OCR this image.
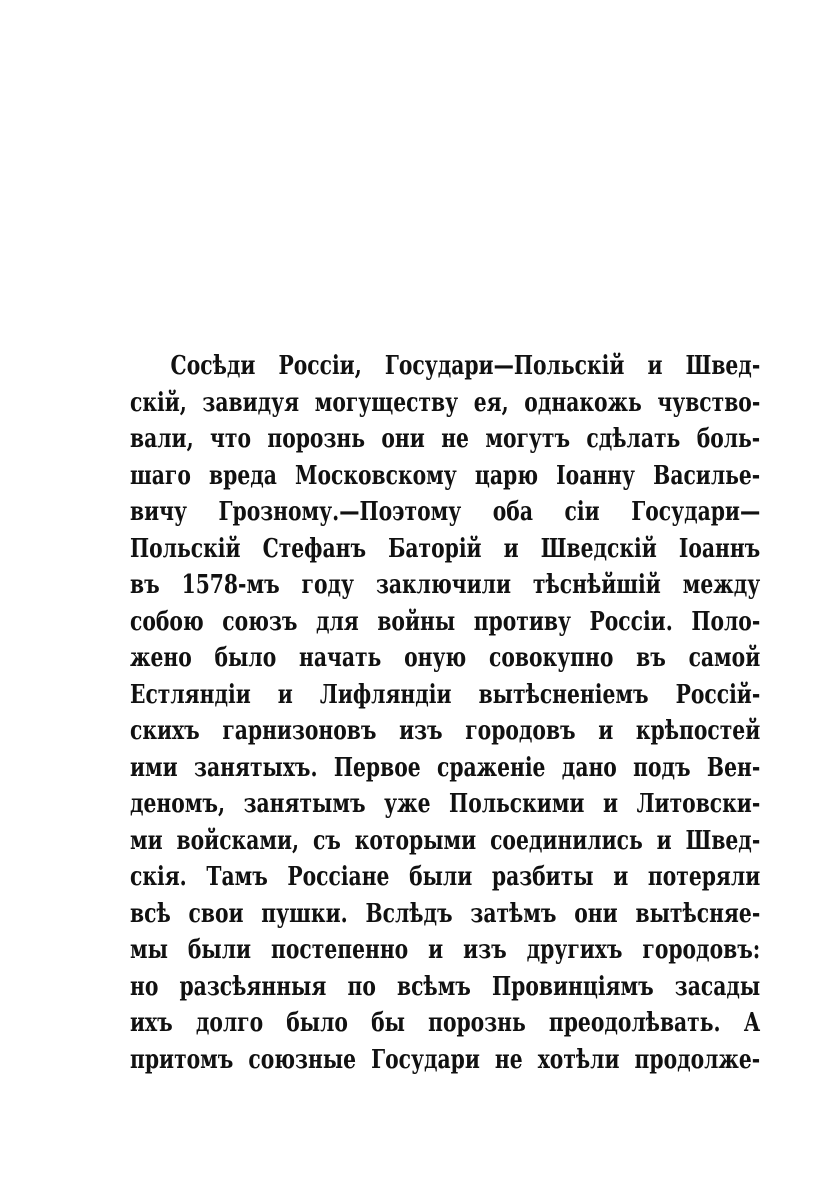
Сосѣди Россіи, Государи—Польскій и Швед-
скій, завидуя могуществу ея, однакожь чувство-
вали, что порознь они не могутъ сдѣлать боль-
шаго вреда Московскому царю Іоанну Василье-
вичу Грозному.—Поэтому оба сіи Государи—
Польскій Стефанъ Баторій и Шведскій Іоаннъ
въ 1578-мъ году заключили тѣснѣйшій между
собою союзъ для войны противу Россіи. Поло-
жено было начать оную совокупно въ самой
Естляндіи и Лифляндіи вытѣсненіемъ Россій-
скихъ гарнизоновъ изъ городовъ и крѣпостей
ими занятыхъ. Первое сраженіе дано подъ Вен-
деномъ, занятымъ уже Польскими и Литовски-
ми войсками, съ которыми соединились и Швед-
скія. Тамъ Россіане были разбиты и потеряли
всѣ свои пушки. Вслѣдъ затѣмъ они вытѣсняе-
мы были постепенно и изъ другихъ городовъ:
но разсѣянныя по всѣмъ Провинціямъ засады
ихъ долго было бы порознь преодолѣвать. А
притомъ союзные Государи не хотѣли продолже-
